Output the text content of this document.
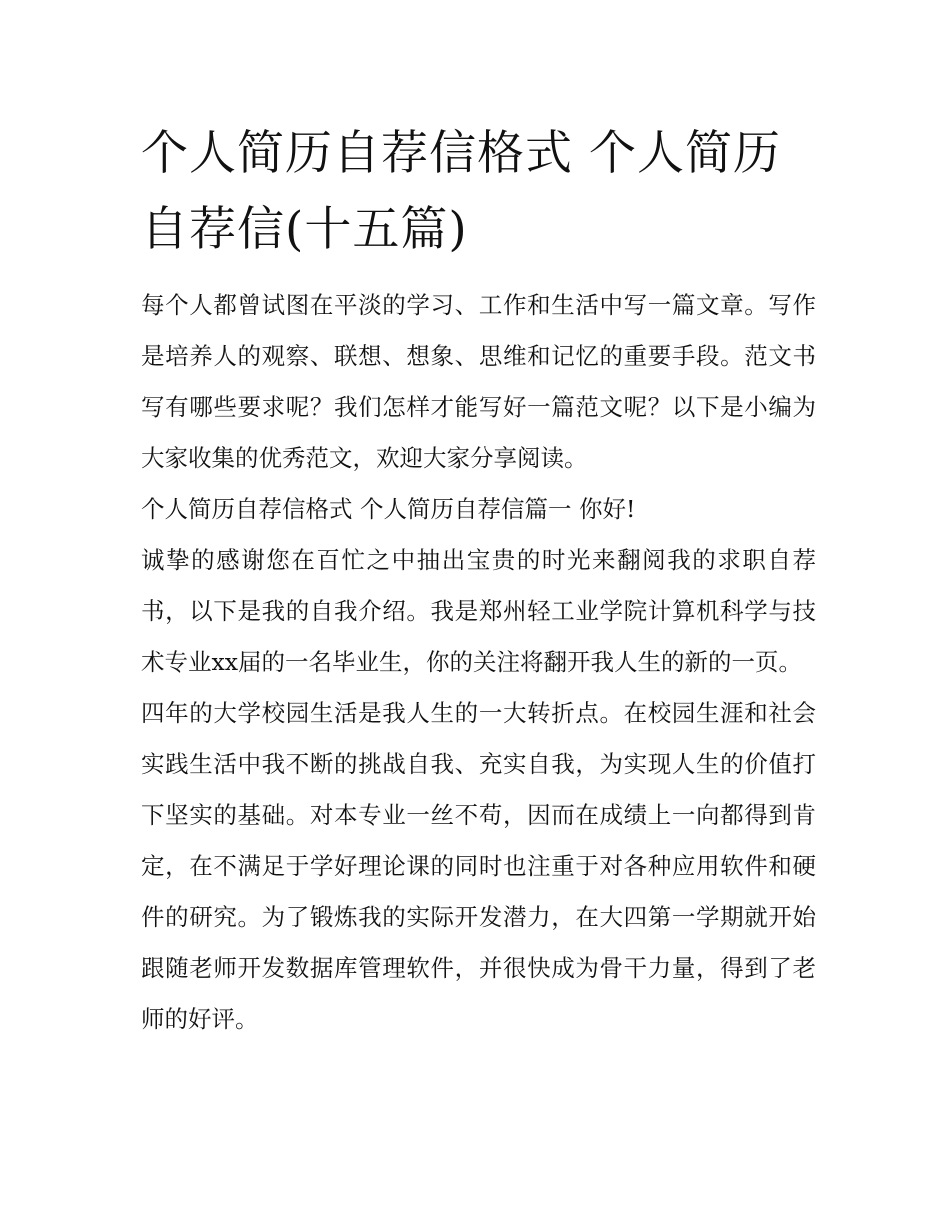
个人简历自荐信格式 个人简历自荐信(十五篇)

每个人都曾试图在平淡的学习、工作和生活中写一篇文章。写作是培养人的观察、联想、想象、思维和记忆的重要手段。范文书写有哪些要求呢？我们怎样才能写好一篇范文呢？以下是小编为大家收集的优秀范文，欢迎大家分享阅读。

个人简历自荐信格式 个人简历自荐信篇一 你好!

诚挚的感谢您在百忙之中抽出宝贵的时光来翻阅我的求职自荐书，以下是我的自我介绍。我是郑州轻工业学院计算机科学与技术专业xx届的一名毕业生，你的关注将翻开我人生的新的一页。

四年的大学校园生活是我人生的一大转折点。在校园生涯和社会实践生活中我不断的挑战自我、充实自我，为实现人生的价值打下坚实的基础。对本专业一丝不苟，因而在成绩上一向都得到肯定，在不满足于学好理论课的同时也注重于对各种应用软件和硬件的研究。为了锻炼我的实际开发潜力，在大四第一学期就开始跟随老师开发数据库管理软件，并很快成为骨干力量，得到了老师的好评。
